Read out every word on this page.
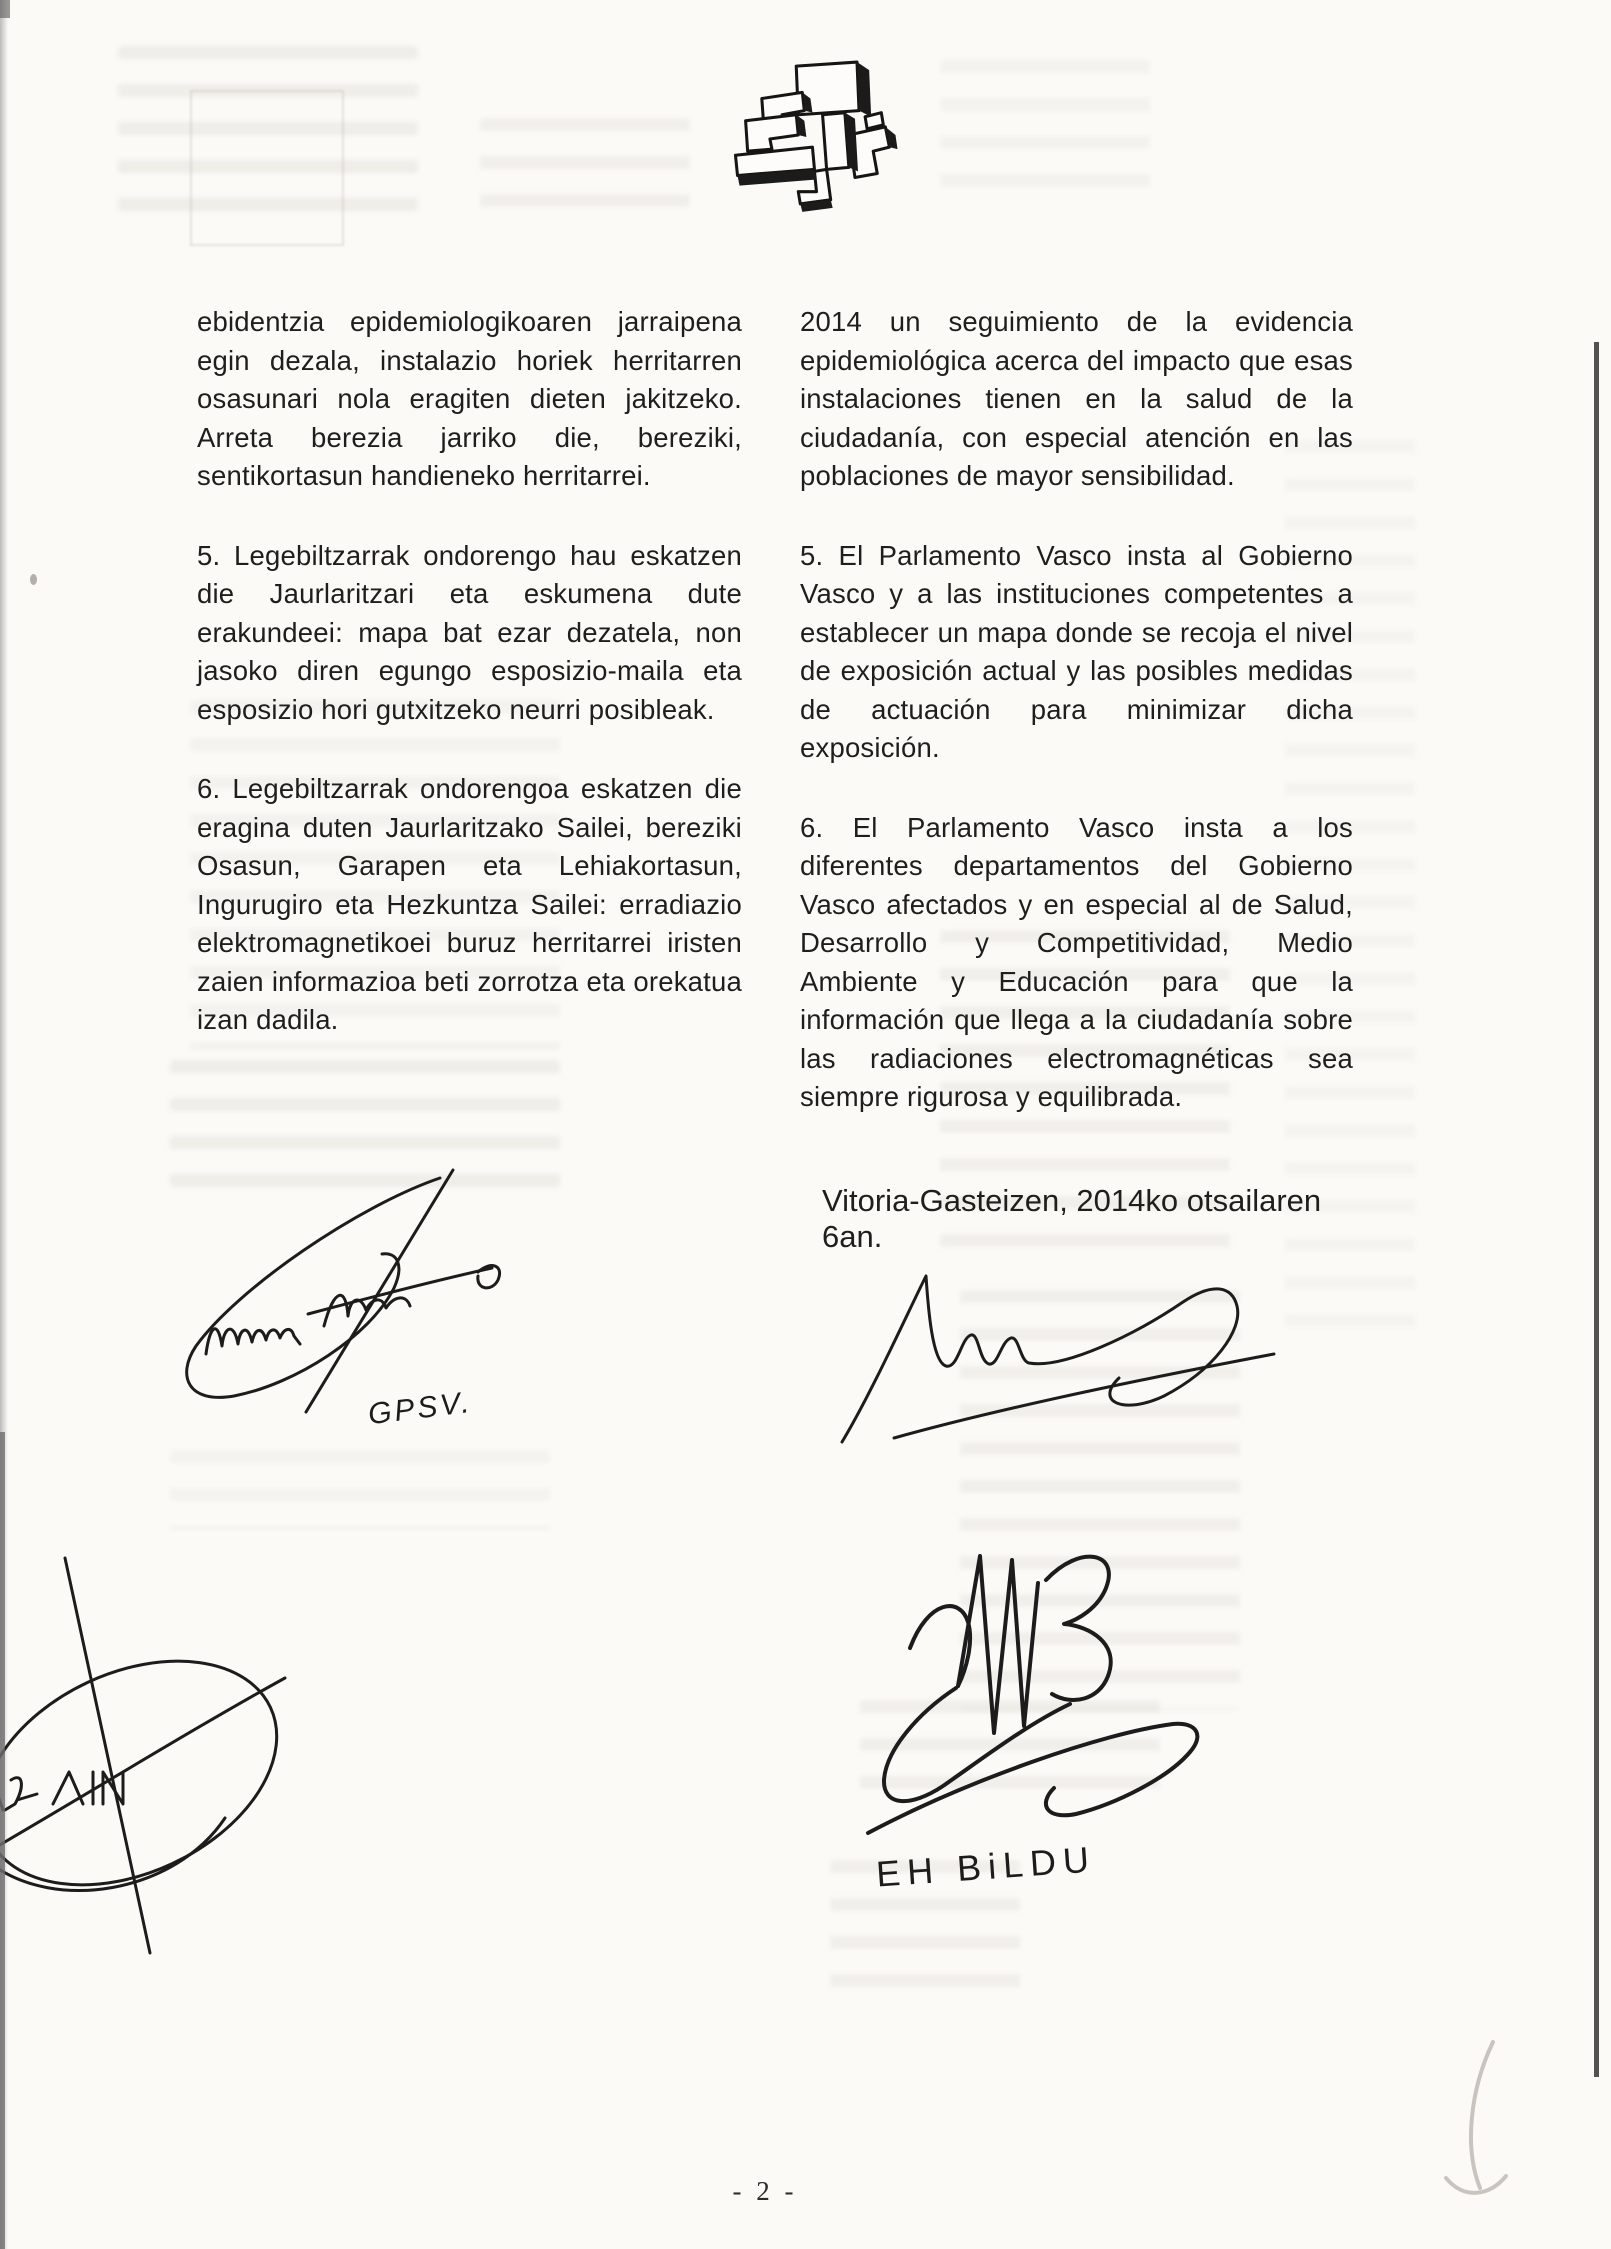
ebidentzia epidemiologikoaren jarraipena egin dezala, instalazio horiek herritarren osasunari nola eragiten dieten jakitzeko. Arreta berezia jarriko die, bereziki, sentikortasun handieneko herritarrei.

5. Legebiltzarrak ondorengo hau eskatzen die Jaurlaritzari eta eskumena dute erakundeei: mapa bat ezar dezatela, non jasoko diren egungo esposizio-maila eta esposizio hori gutxitzeko neurri posibleak.

6. Legebiltzarrak ondorengoa eskatzen die eragina duten Jaurlaritzako Sailei, bereziki Osasun, Garapen eta Lehiakortasun, Ingurugiro eta Hezkuntza Sailei: erradiazio elektromagnetikoei buruz herritarrei iristen zaien informazioa beti zorrotza eta orekatua izan dadila.

2014 un seguimiento de la evidencia epidemiológica acerca del impacto que esas instalaciones tienen en la salud de la ciudadanía, con especial atención en las poblaciones de mayor sensibilidad.

5. El Parlamento Vasco insta al Gobierno Vasco y a las instituciones competentes a establecer un mapa donde se recoja el nivel de exposición actual y las posibles medidas de actuación para minimizar dicha exposición.

6. El Parlamento Vasco insta a los diferentes departamentos del Gobierno Vasco afectados y en especial al de Salud, Desarrollo y Competitividad, Medio Ambiente y Educación para que la información que llega a la ciudadanía sobre las radiaciones electromagnéticas sea siempre rigurosa y equilibrada.

Vitoria-Gasteizen, 2014ko otsailaren 6an.
GPSV.
EH BiLDU
- 2 -
